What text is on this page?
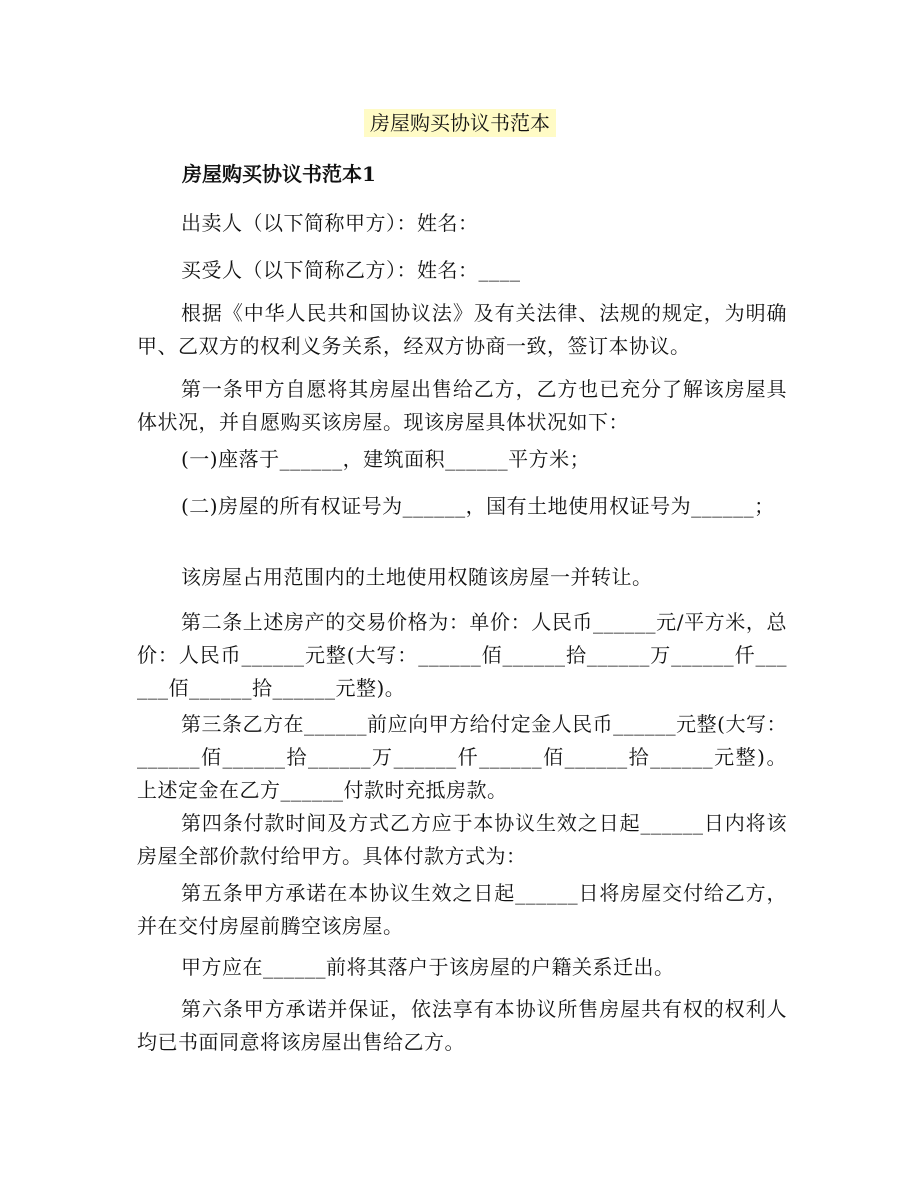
房屋购买协议书范本
房屋购买协议书范本1
出卖人（以下简称甲方）：姓名：
买受人（以下简称乙方）：姓名：____
根据《中华人民共和国协议法》及有关法律、法规的规定，为明确甲、乙双方的权利义务关系，经双方协商一致，签订本协议。
第一条甲方自愿将其房屋出售给乙方，乙方也已充分了解该房屋具体状况，并自愿购买该房屋。现该房屋具体状况如下：
(一)座落于______，建筑面积______平方米；
(二)房屋的所有权证号为______，国有土地使用权证号为______；
该房屋占用范围内的土地使用权随该房屋一并转让。
第二条上述房产的交易价格为：单价：人民币______元/平方米，总价：人民币______元整(大写：______佰______拾______万______仟______佰______拾______元整)。
第三条乙方在______前应向甲方给付定金人民币______元整(大写：______佰______拾______万______仟______佰______拾______元整)。上述定金在乙方______付款时充抵房款。
第四条付款时间及方式乙方应于本协议生效之日起______日内将该房屋全部价款付给甲方。具体付款方式为：
第五条甲方承诺在本协议生效之日起______日将房屋交付给乙方，并在交付房屋前腾空该房屋。
甲方应在______前将其落户于该房屋的户籍关系迁出。
第六条甲方承诺并保证，依法享有本协议所售房屋共有权的权利人均已书面同意将该房屋出售给乙方。
